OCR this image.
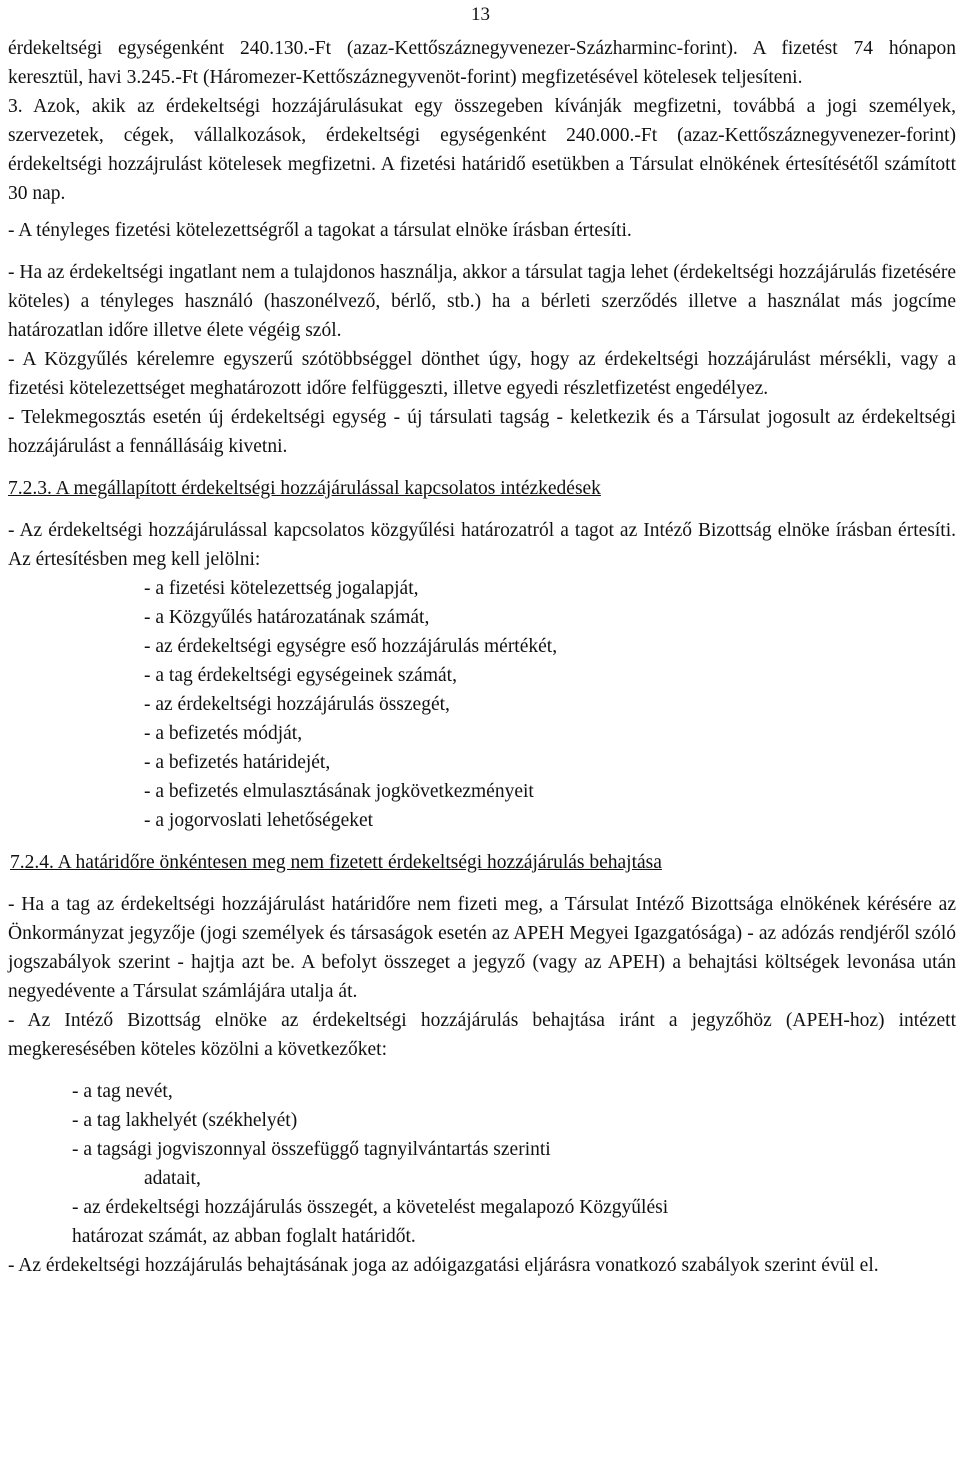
13

érdekeltségi egységenként 240.130.-Ft (azaz-Kettőszáznegyvenezer-Százharminc-forint). A fizetést 74 hónapon keresztül, havi 3.245.-Ft (Háromezer-Kettőszáznegyvenöt-forint) megfizetésével kötelesek teljesíteni.

3. Azok, akik az érdekeltségi hozzájárulásukat egy összegeben kívánják megfizetni, továbbá a jogi személyek, szervezetek, cégek, vállalkozások, érdekeltségi egységenként 240.000.-Ft (azaz-Kettőszáznegyvenezer-forint) érdekeltségi hozzájrulást kötelesek megfizetni. A fizetési határidő esetükben a Társulat elnökének értesítésétől számított 30 nap.

- A tényleges fizetési kötelezettségről a tagokat a társulat elnöke írásban értesíti.

- Ha az érdekeltségi ingatlant nem a tulajdonos használja, akkor a társulat tagja lehet (érdekeltségi hozzájárulás fizetésére köteles) a tényleges használó (haszonélvező, bérlő, stb.) ha a bérleti szerződés illetve a használat más jogcíme határozatlan időre illetve élete végéig szól.

- A Közgyűlés kérelemre egyszerű szótöbbséggel dönthet úgy, hogy az érdekeltségi hozzájárulást mérsékli, vagy a fizetési kötelezettséget meghatározott időre felfüggeszti, illetve egyedi részletfizetést engedélyez.

- Telekmegosztás esetén új érdekeltségi egység - új társulati tagság - keletkezik és a Társulat jogosult az érdekeltségi hozzájárulást a fennállásáig kivetni.

7.2.3. A megállapított érdekeltségi hozzájárulással kapcsolatos intézkedések

- Az érdekeltségi hozzájárulással kapcsolatos közgyűlési határozatról a tagot az Intéző Bizottság elnöke írásban értesíti. Az értesítésben meg kell jelölni:

- a fizetési kötelezettség jogalapját,
- a Közgyűlés határozatának számát,
- az érdekeltségi egységre eső hozzájárulás mértékét,
- a tag érdekeltségi egységeinek számát,
- az érdekeltségi hozzájárulás összegét,
- a befizetés módját,
- a befizetés határidejét,
- a befizetés elmulasztásának jogkövetkezményeit
- a jogorvoslati lehetőségeket

7.2.4. A határidőre önkéntesen meg nem fizetett érdekeltségi hozzájárulás behajtása

- Ha a tag az érdekeltségi hozzájárulást határidőre nem fizeti meg, a Társulat Intéző Bizottsága elnökének kérésére az Önkormányzat jegyzője (jogi személyek és társaságok esetén az APEH Megyei Igazgatósága) - az adózás rendjéről szóló jogszabályok szerint - hajtja azt be. A befolyt összeget a jegyző (vagy az APEH) a behajtási költségek levonása után negyedévente a Társulat számlájára utalja át.

- Az Intéző Bizottság elnöke az érdekeltségi hozzájárulás behajtása iránt a jegyzőhöz (APEH-hoz) intézett megkeresésében köteles közölni a következőket:

- a tag nevét,
- a tag lakhelyét (székhelyét)
- a tagsági jogviszonnyal összefüggő tagnyilvántartás szerinti
adatait,
- az érdekeltségi hozzájárulás összegét, a követelést megalapozó Közgyűlési
határozat számát, az abban foglalt határidőt.

- Az érdekeltségi hozzájárulás behajtásának joga az adóigazgatási eljárásra vonatkozó szabályok szerint évül el.
